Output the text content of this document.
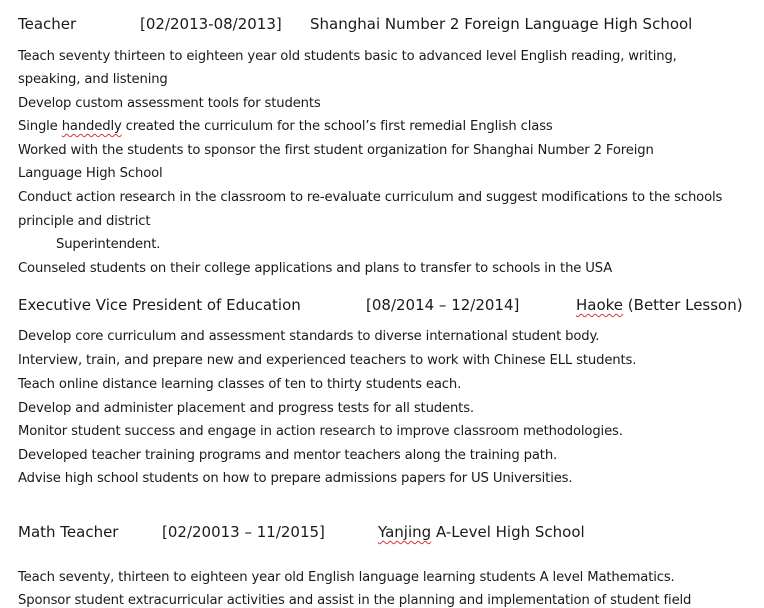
Teacher	[02/2013-08/2013] Shanghai Number 2 Foreign Language High School
Teach seventy thirteen to eighteen year old students basic to advanced level English reading, writing,
speaking, and listening
Develop custom assessment tools for students
Single handedly created the curriculum for the school’s first remedial English class
Worked with the students to sponsor the first student organization for Shanghai Number 2 Foreign
Language High School
Conduct action research in the classroom to re-evaluate curriculum and suggest modifications to the schools
principle and district
Superintendent.
Counseled students on their college applications and plans to transfer to schools in the USA
Executive Vice President of Education	[08/2014 – 12/2014]	Haoke (Better Lesson)
Develop core curriculum and assessment standards to diverse international student body.
Interview, train, and prepare new and experienced teachers to work with Chinese ELL students.
Teach online distance learning classes of ten to thirty students each.
Develop and administer placement and progress tests for all students.
Monitor student success and engage in action research to improve classroom methodologies.
Developed teacher training programs and mentor teachers along the training path.
Advise high school students on how to prepare admissions papers for US Universities.
Math Teacher	[02/20013 – 11/2015]	Yanjing A-Level High School
Teach seventy, thirteen to eighteen year old English language learning students A level Mathematics.
Sponsor student extracurricular activities and assist in the planning and implementation of student field
